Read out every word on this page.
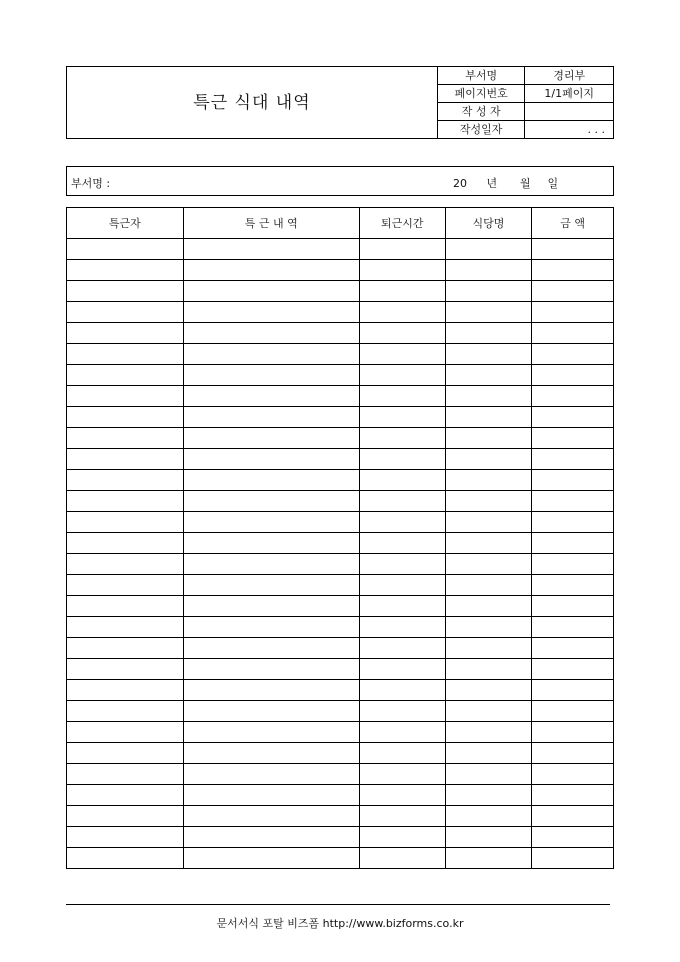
특근 식대 내역	부서명	경리부
	페이지번호	1/1페이지
	작 성 자	
	작성일자	. . .
부서명 :	20 년 월 일
특근자	특 근 내 역	퇴근시간	식당명	금 액

문서서식 포탈 비즈폼 http://www.bizforms.co.kr
